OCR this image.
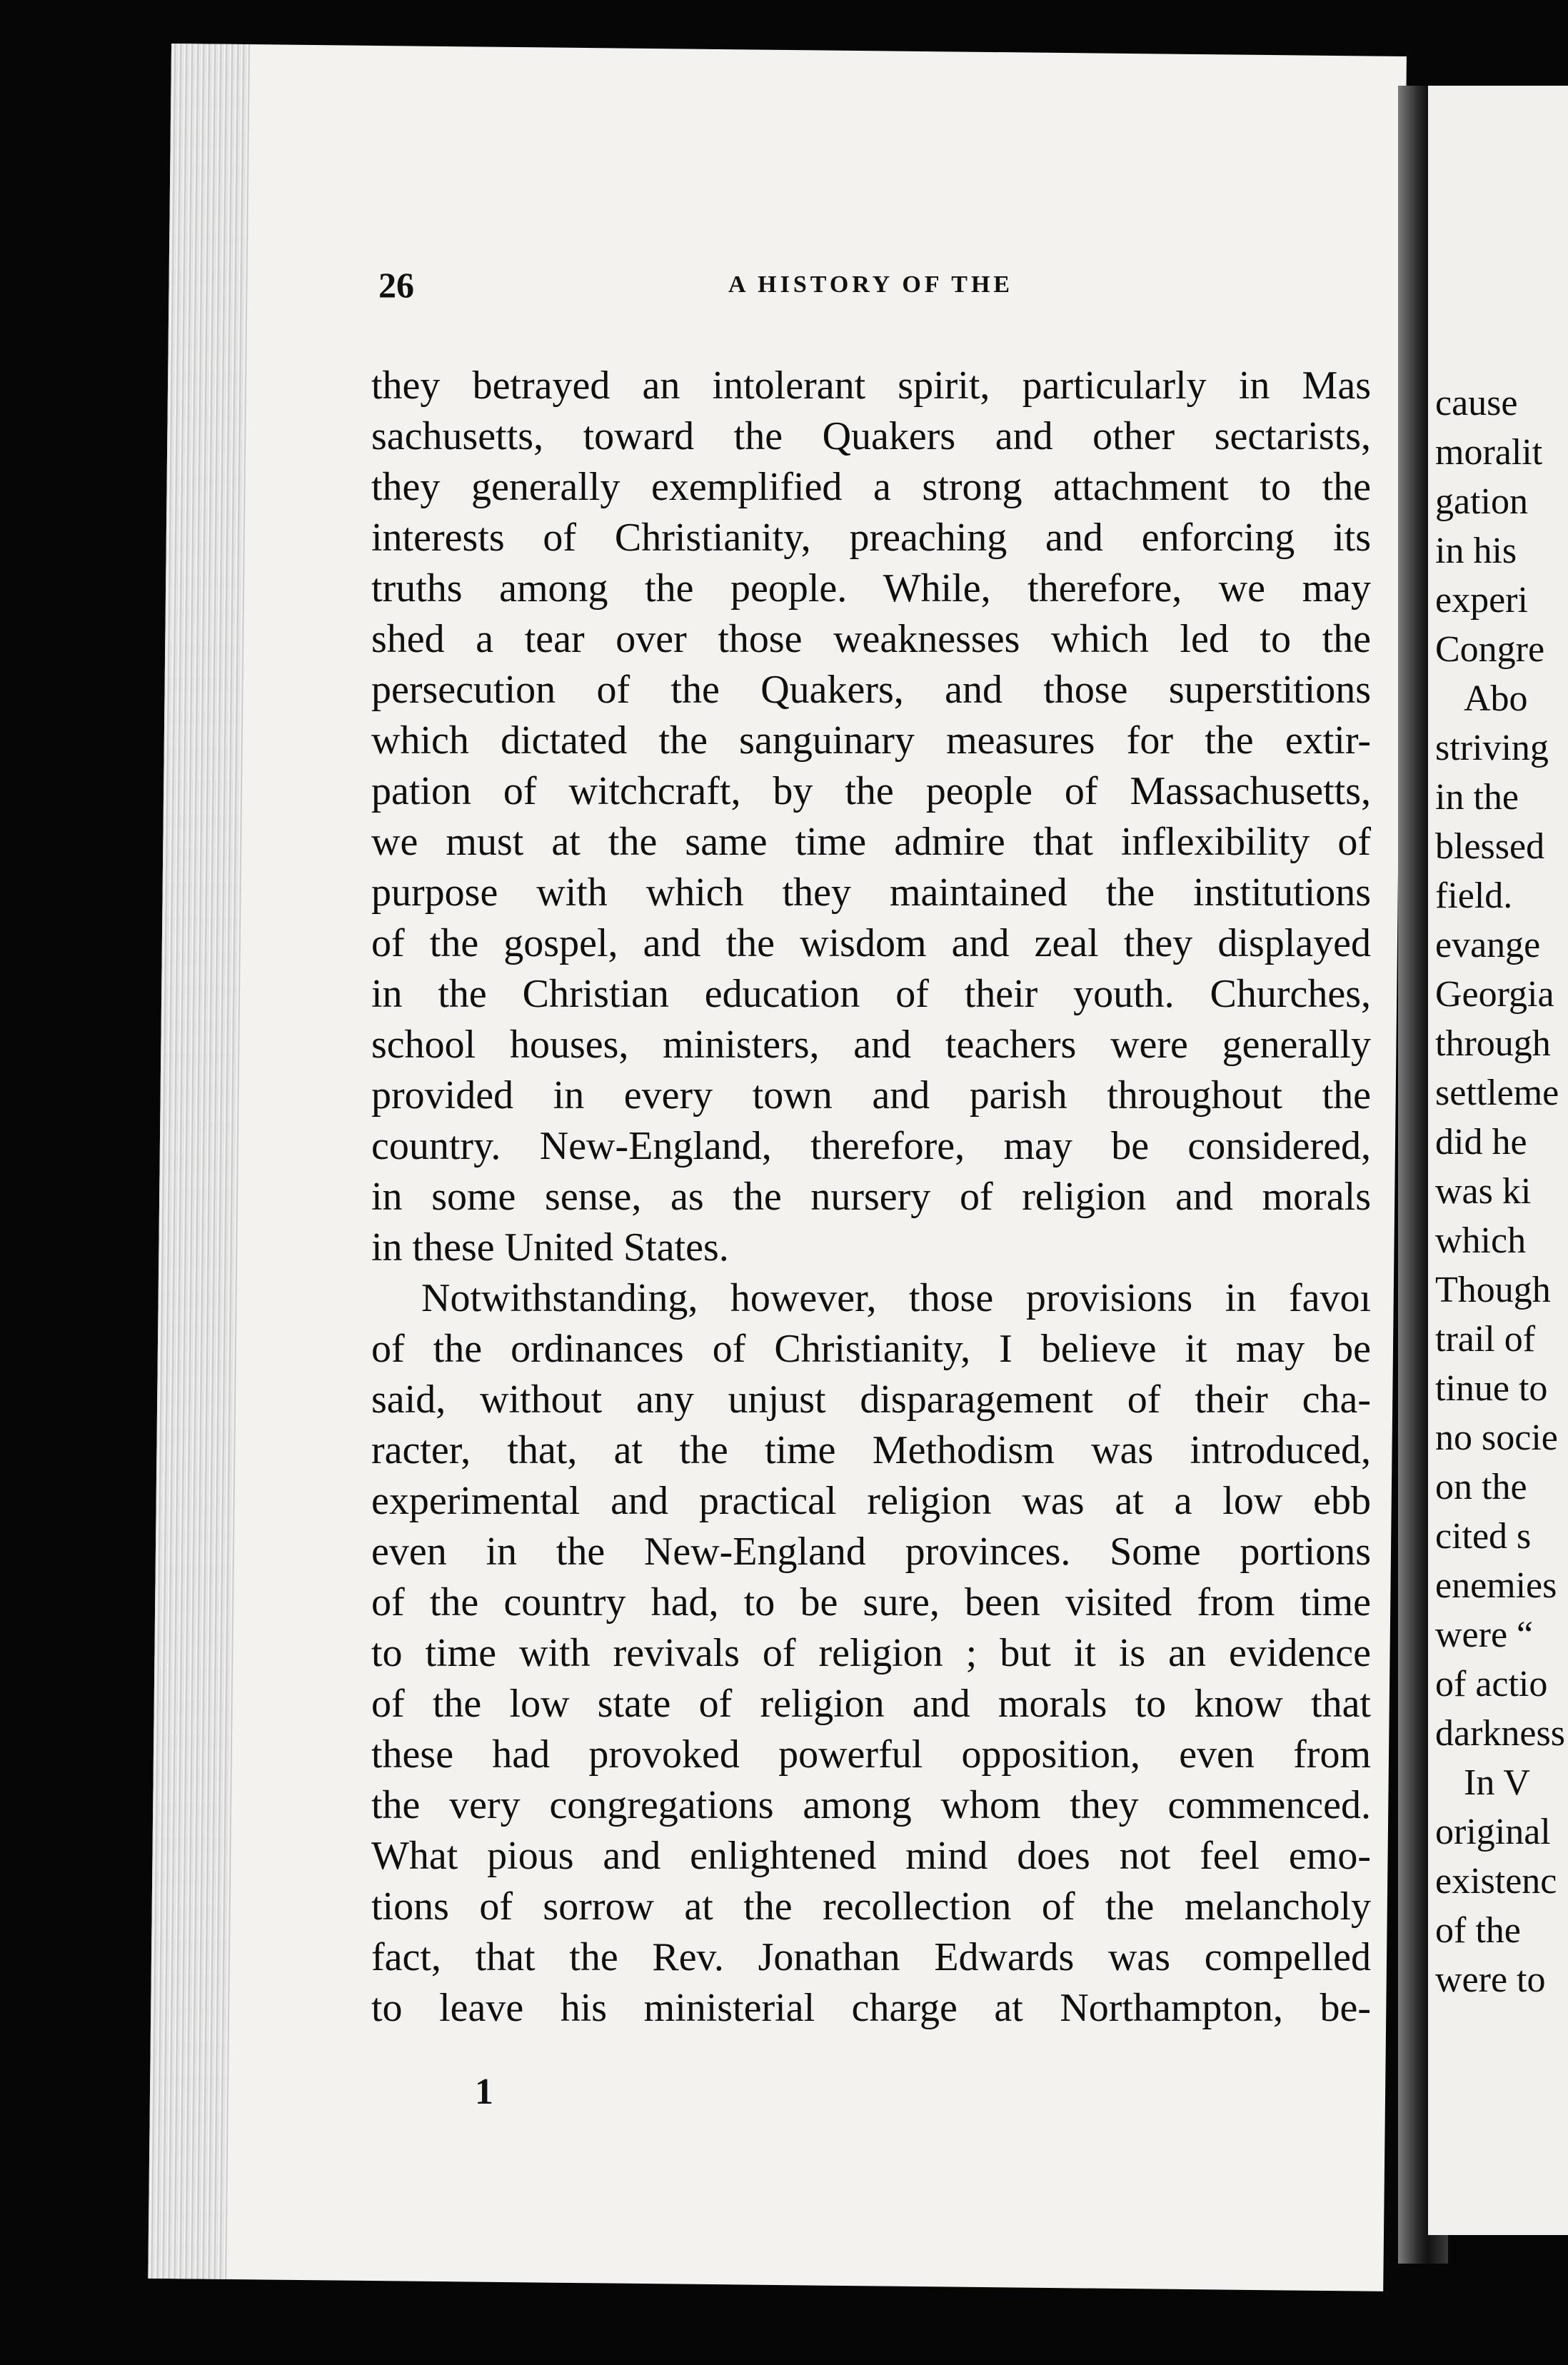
26	A HISTORY OF THE
they betrayed an intolerant spirit, particularly in Mas
sachusetts, toward the Quakers and other sectarists,
they generally exemplified a strong attachment to the
interests of Christianity, preaching and enforcing its
truths among the people. While, therefore, we may
shed a tear over those weaknesses which led to the
persecution of the Quakers, and those superstitions
which dictated the sanguinary measures for the extir-
pation of witchcraft, by the people of Massachusetts,
we must at the same time admire that inflexibility of
purpose with which they maintained the institutions
of the gospel, and the wisdom and zeal they displayed
in the Christian education of their youth. Churches,
school houses, ministers, and teachers were generally
provided in every town and parish throughout the
country. New-England, therefore, may be considered,
in some sense, as the nursery of religion and morals
in these United States.
Notwithstanding, however, those provisions in favoı
of the ordinances of Christianity, I believe it may be
said, without any unjust disparagement of their cha-
racter, that, at the time Methodism was introduced,
experimental and practical religion was at a low ebb
even in the New-England provinces. Some portions
of the country had, to be sure, been visited from time
to time with revivals of religion ; but it is an evidence
of the low state of religion and morals to know that
these had provoked powerful opposition, even from
the very congregations among whom they commenced.
What pious and enlightened mind does not feel emo-
tions of sorrow at the recollection of the melancholy
fact, that the Rev. Jonathan Edwards was compelled
to leave his ministerial charge at Northampton, be-
1
cause
moralit
gation
in his
experi
Congre
Abo
striving
in the
blessed
field.
evange
Georgia
through
settleme
did he
was ki
which
Though
trail of
tinue to
no socie
on the
cited s
enemies
were “
of actio
darkness
In V
original
existenc
of the
were to
